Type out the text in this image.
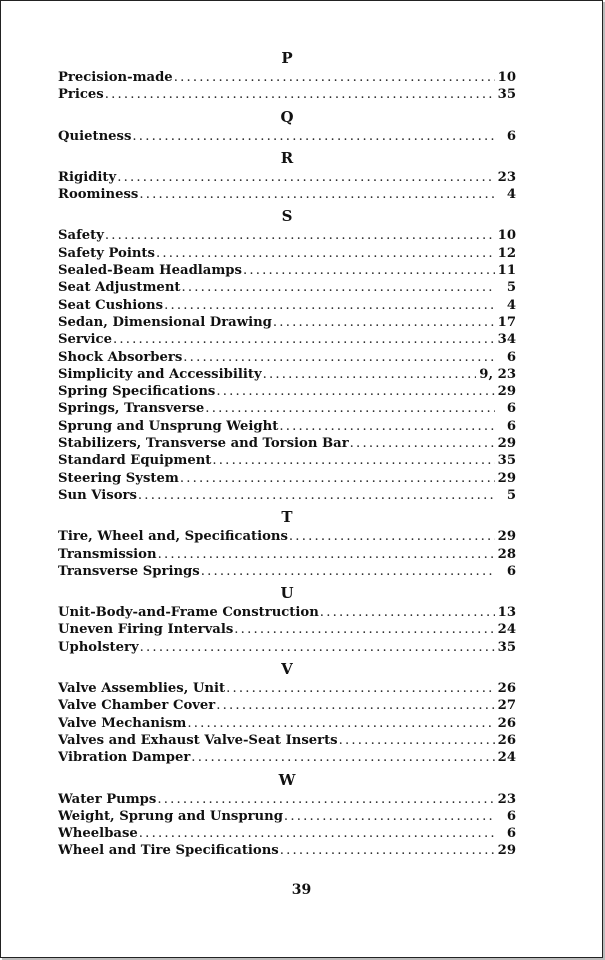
P
Precision-made .....	10
Prices .....	35
Q
Quietness .....	6
R
Rigidity .....	23
Roominess .....	4
S
Safety .....	10
Safety Points .....	12
Sealed-Beam Headlamps .....	11
Seat Adjustment .....	5
Seat Cushions .....	4
Sedan, Dimensional Drawing .....	17
Service .....	34
Shock Absorbers .....	6
Simplicity and Accessibility .....	9, 23
Spring Specifications .....	29
Springs, Transverse .....	6
Sprung and Unsprung Weight .....	6
Stabilizers, Transverse and Torsion Bar .....	29
Standard Equipment .....	35
Steering System .....	29
Sun Visors .....	5
T
Tire, Wheel and, Specifications .....	29
Transmission .....	28
Transverse Springs .....	6
U
Unit-Body-and-Frame Construction .....	13
Uneven Firing Intervals .....	24
Upholstery .....	35
V
Valve Assemblies, Unit .....	26
Valve Chamber Cover .....	27
Valve Mechanism .....	26
Valves and Exhaust Valve-Seat Inserts .....	26
Vibration Damper .....	24
W
Water Pumps .....	23
Weight, Sprung and Unsprung .....	6
Wheelbase .....	6
Wheel and Tire Specifications .....	29
39
